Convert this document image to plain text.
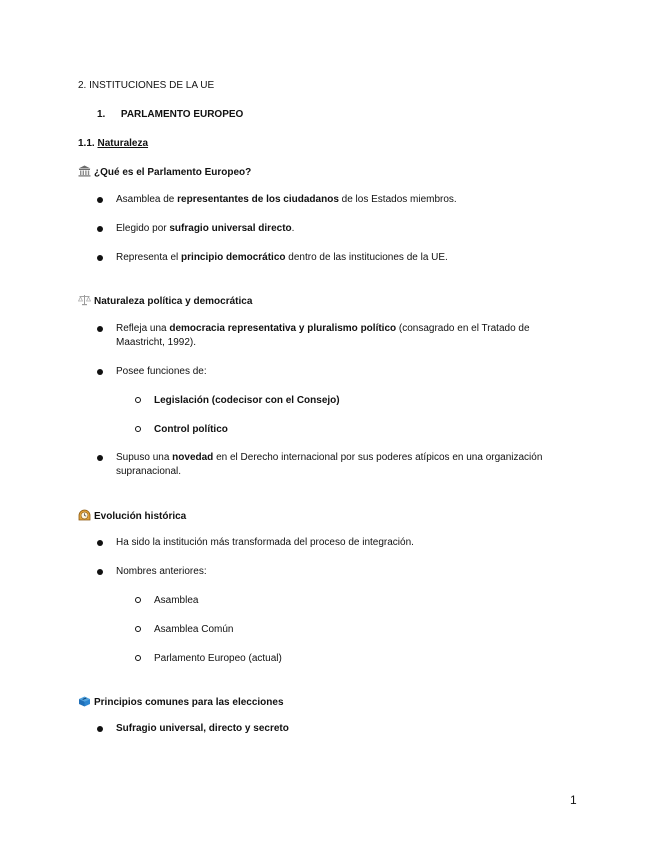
2. INSTITUCIONES DE LA UE
1. PARLAMENTO EUROPEO
1.1. Naturaleza
¿Qué es el Parlamento Europeo?
Asamblea de representantes de los ciudadanos de los Estados miembros.
Elegido por sufragio universal directo.
Representa el principio democrático dentro de las instituciones de la UE.
Naturaleza política y democrática
Refleja una democracia representativa y pluralismo político (consagrado en el Tratado de
Maastricht, 1992).
Posee funciones de:
Legislación (codecisor con el Consejo)
Control político
Supuso una novedad en el Derecho internacional por sus poderes atípicos en una organización
supranacional.
Evolución histórica
Ha sido la institución más transformada del proceso de integración.
Nombres anteriores:
Asamblea
Asamblea Común
Parlamento Europeo (actual)
Principios comunes para las elecciones
Sufragio universal, directo y secreto
1
